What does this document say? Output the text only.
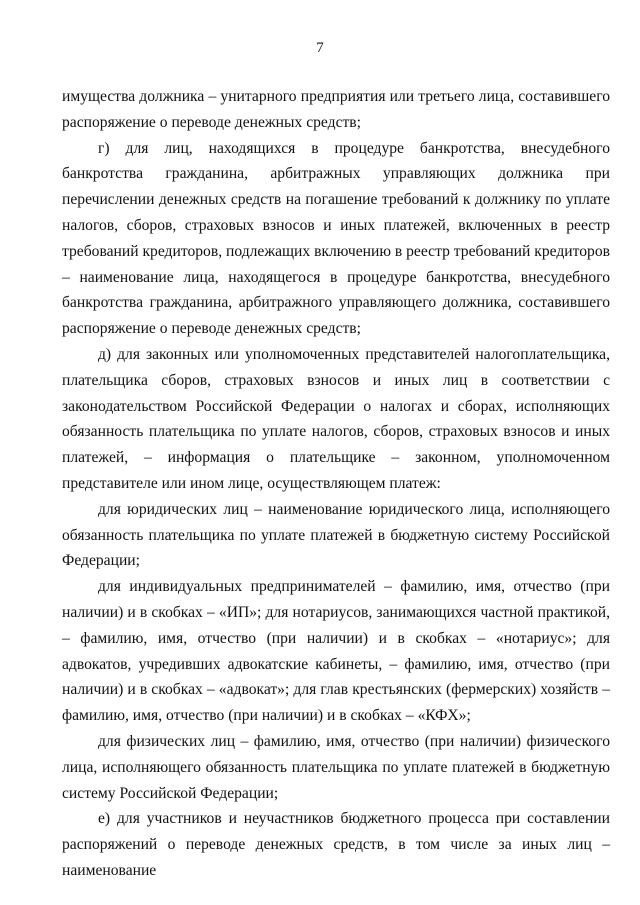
7

имущества должника – унитарного предприятия или третьего лица, составившего распоряжение о переводе денежных средств;

г) для лиц, находящихся в процедуре банкротства, внесудебного банкротства гражданина, арбитражных управляющих должника при перечислении денежных средств на погашение требований к должнику по уплате налогов, сборов, страховых взносов и иных платежей, включенных в реестр требований кредиторов, подлежащих включению в реестр требований кредиторов – наименование лица, находящегося в процедуре банкротства, внесудебного банкротства гражданина, арбитражного управляющего должника, составившего распоряжение о переводе денежных средств;

д) для законных или уполномоченных представителей налогоплательщика, плательщика сборов, страховых взносов и иных лиц в соответствии с законодательством Российской Федерации о налогах и сборах, исполняющих обязанность плательщика по уплате налогов, сборов, страховых взносов и иных платежей, – информация о плательщике – законном, уполномоченном представителе или ином лице, осуществляющем платеж:

для юридических лиц – наименование юридического лица, исполняющего обязанность плательщика по уплате платежей в бюджетную систему Российской Федерации;

для индивидуальных предпринимателей – фамилию, имя, отчество (при наличии) и в скобках – «ИП»; для нотариусов, занимающихся частной практикой, – фамилию, имя, отчество (при наличии) и в скобках – «нотариус»; для адвокатов, учредивших адвокатские кабинеты, – фамилию, имя, отчество (при наличии) и в скобках – «адвокат»; для глав крестьянских (фермерских) хозяйств – фамилию, имя, отчество (при наличии) и в скобках – «КФХ»;

для физических лиц – фамилию, имя, отчество (при наличии) физического лица, исполняющего обязанность плательщика по уплате платежей в бюджетную систему Российской Федерации;

е) для участников и неучастников бюджетного процесса при составлении распоряжений о переводе денежных средств, в том числе за иных лиц – наименование
